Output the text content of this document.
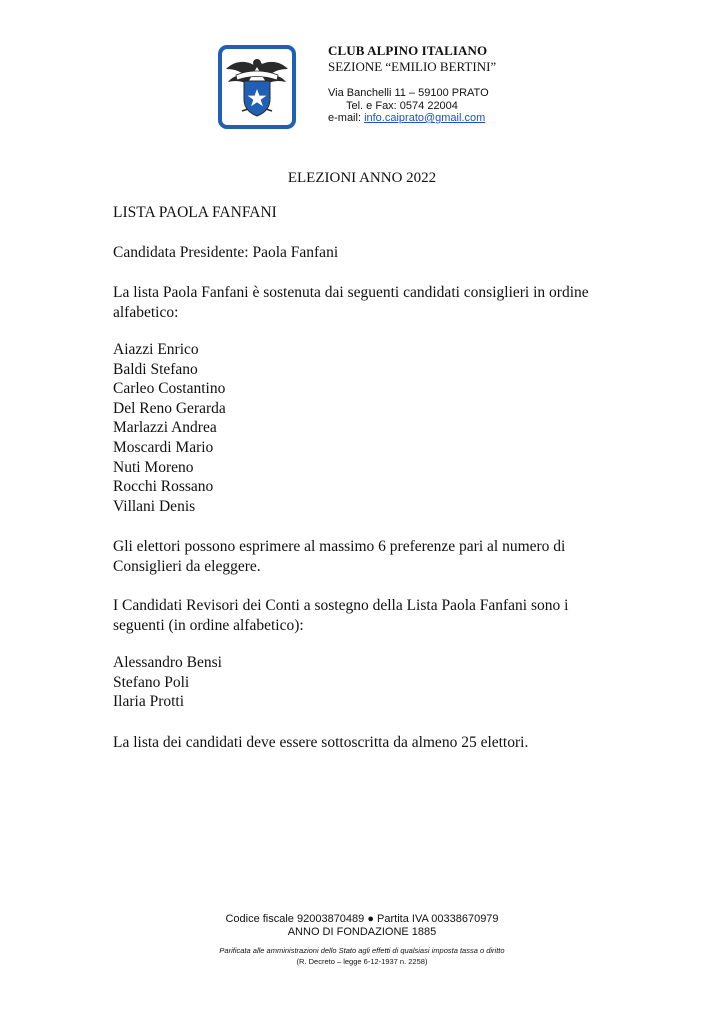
CLUB ALPINO ITALIANO
SEZIONE “EMILIO BERTINI”
Via Banchelli 11 – 59100 PRATO
Tel. e Fax: 0574 22004
e-mail: info.caiprato@gmail.com
ELEZIONI ANNO 2022
LISTA PAOLA FANFANI
Candidata Presidente: Paola Fanfani
La lista Paola Fanfani è sostenuta dai seguenti candidati consiglieri in ordine
alfabetico:
Aiazzi Enrico
Baldi Stefano
Carleo Costantino
Del Reno Gerarda
Marlazzi Andrea
Moscardi Mario
Nuti Moreno
Rocchi Rossano
Villani Denis
Gli elettori possono esprimere al massimo 6 preferenze pari al numero di
Consiglieri da eleggere.
I Candidati Revisori dei Conti a sostegno della Lista Paola Fanfani sono i
seguenti (in ordine alfabetico):
Alessandro Bensi
Stefano Poli
Ilaria Protti
La lista dei candidati deve essere sottoscritta da almeno 25 elettori.
Codice fiscale 92003870489 ● Partita IVA 00338670979
ANNO DI FONDAZIONE 1885
Parificata alle amministrazioni dello Stato agli effetti di qualsiasi imposta tassa o diritto
(R. Decreto – legge 6-12-1937 n. 2258)
